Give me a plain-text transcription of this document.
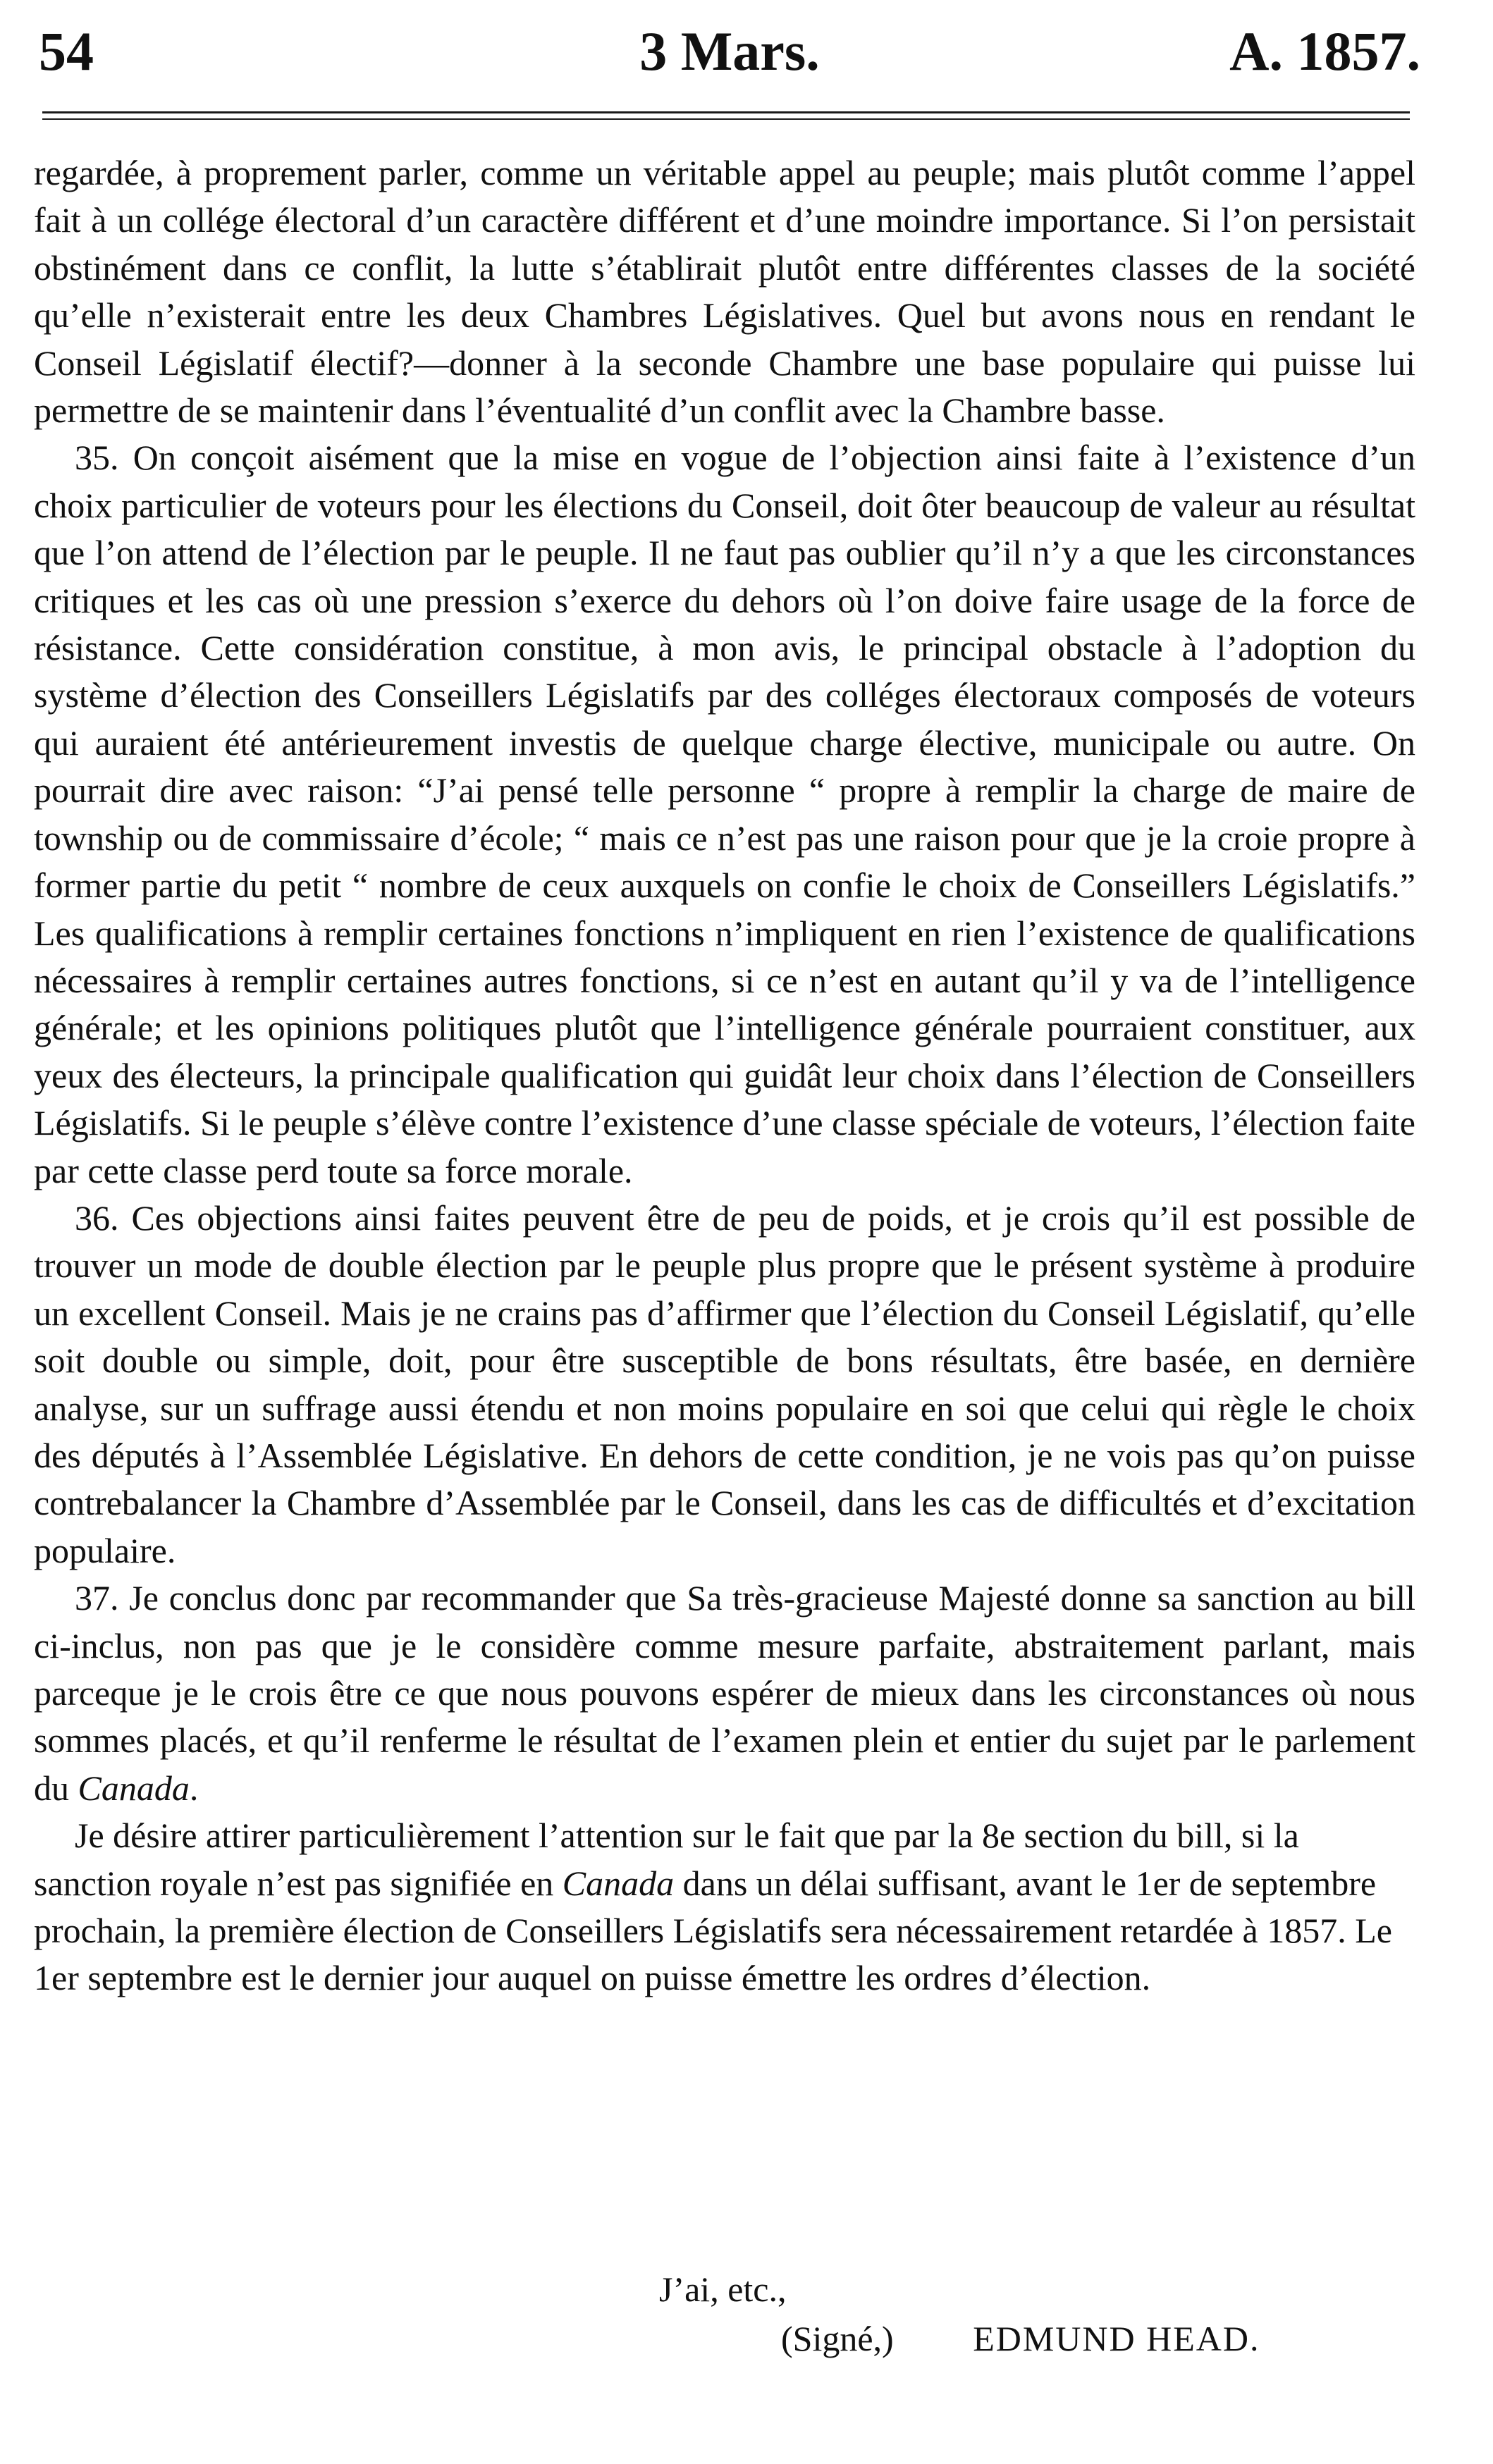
54	3 Mars.	A. 1857.

regardée, à proprement parler, comme un véritable appel au peuple; mais plutôt comme l’appel fait à un collége électoral d’un caractère différent et d’une moindre importance. Si l’on persistait obstinément dans ce conflit, la lutte s’établirait plutôt entre différentes classes de la société qu’elle n’existerait entre les deux Chambres Législatives. Quel but avons nous en rendant le Conseil Législatif électif?—donner à la seconde Chambre une base populaire qui puisse lui permettre de se maintenir dans l’éventualité d’un conflit avec la Chambre basse.

35. On conçoit aisément que la mise en vogue de l’objection ainsi faite à l’existence d’un choix particulier de voteurs pour les élections du Conseil, doit ôter beaucoup de valeur au résultat que l’on attend de l’élection par le peuple. Il ne faut pas oublier qu’il n’y a que les circonstances critiques et les cas où une pression s’exerce du dehors où l’on doive faire usage de la force de résistance. Cette considération constitue, à mon avis, le principal obstacle à l’adoption du système d’élection des Conseillers Législatifs par des colléges électoraux composés de voteurs qui auraient été antérieurement investis de quelque charge élective, municipale ou autre. On pourrait dire avec raison: “J’ai pensé telle personne “ propre à remplir la charge de maire de township ou de commissaire d’école; “ mais ce n’est pas une raison pour que je la croie propre à former partie du petit “ nombre de ceux auxquels on confie le choix de Conseillers Législatifs.” Les qualifications à remplir certaines fonctions n’impliquent en rien l’existence de qualifications nécessaires à remplir certaines autres fonctions, si ce n’est en autant qu’il y va de l’intelligence générale; et les opinions politiques plutôt que l’intelligence générale pourraient constituer, aux yeux des électeurs, la principale qualification qui guidât leur choix dans l’élection de Conseillers Législatifs. Si le peuple s’élève contre l’existence d’une classe spéciale de voteurs, l’élection faite par cette classe perd toute sa force morale.

36. Ces objections ainsi faites peuvent être de peu de poids, et je crois qu’il est possible de trouver un mode de double élection par le peuple plus propre que le présent système à produire un excellent Conseil. Mais je ne crains pas d’affirmer que l’élection du Conseil Législatif, qu’elle soit double ou simple, doit, pour être susceptible de bons résultats, être basée, en dernière analyse, sur un suffrage aussi étendu et non moins populaire en soi que celui qui règle le choix des députés à l’Assemblée Législative. En dehors de cette condition, je ne vois pas qu’on puisse contrebalancer la Chambre d’Assemblée par le Conseil, dans les cas de difficultés et d’excitation populaire.

37. Je conclus donc par recommander que Sa très-gracieuse Majesté donne sa sanction au bill ci-inclus, non pas que je le considère comme mesure parfaite, abstraitement parlant, mais parceque je le crois être ce que nous pouvons espérer de mieux dans les circonstances où nous sommes placés, et qu’il renferme le résultat de l’examen plein et entier du sujet par le parlement du Canada.

Je désire attirer particulièrement l’attention sur le fait que par la 8e section du bill, si la sanction royale n’est pas signifiée en Canada dans un délai suffisant, avant le 1er de septembre prochain, la première élection de Conseillers Législatifs sera nécessairement retardée à 1857. Le 1er septembre est le dernier jour auquel on puisse émettre les ordres d’élection.

J’ai, etc.,
(Signé,) EDMUND HEAD.
